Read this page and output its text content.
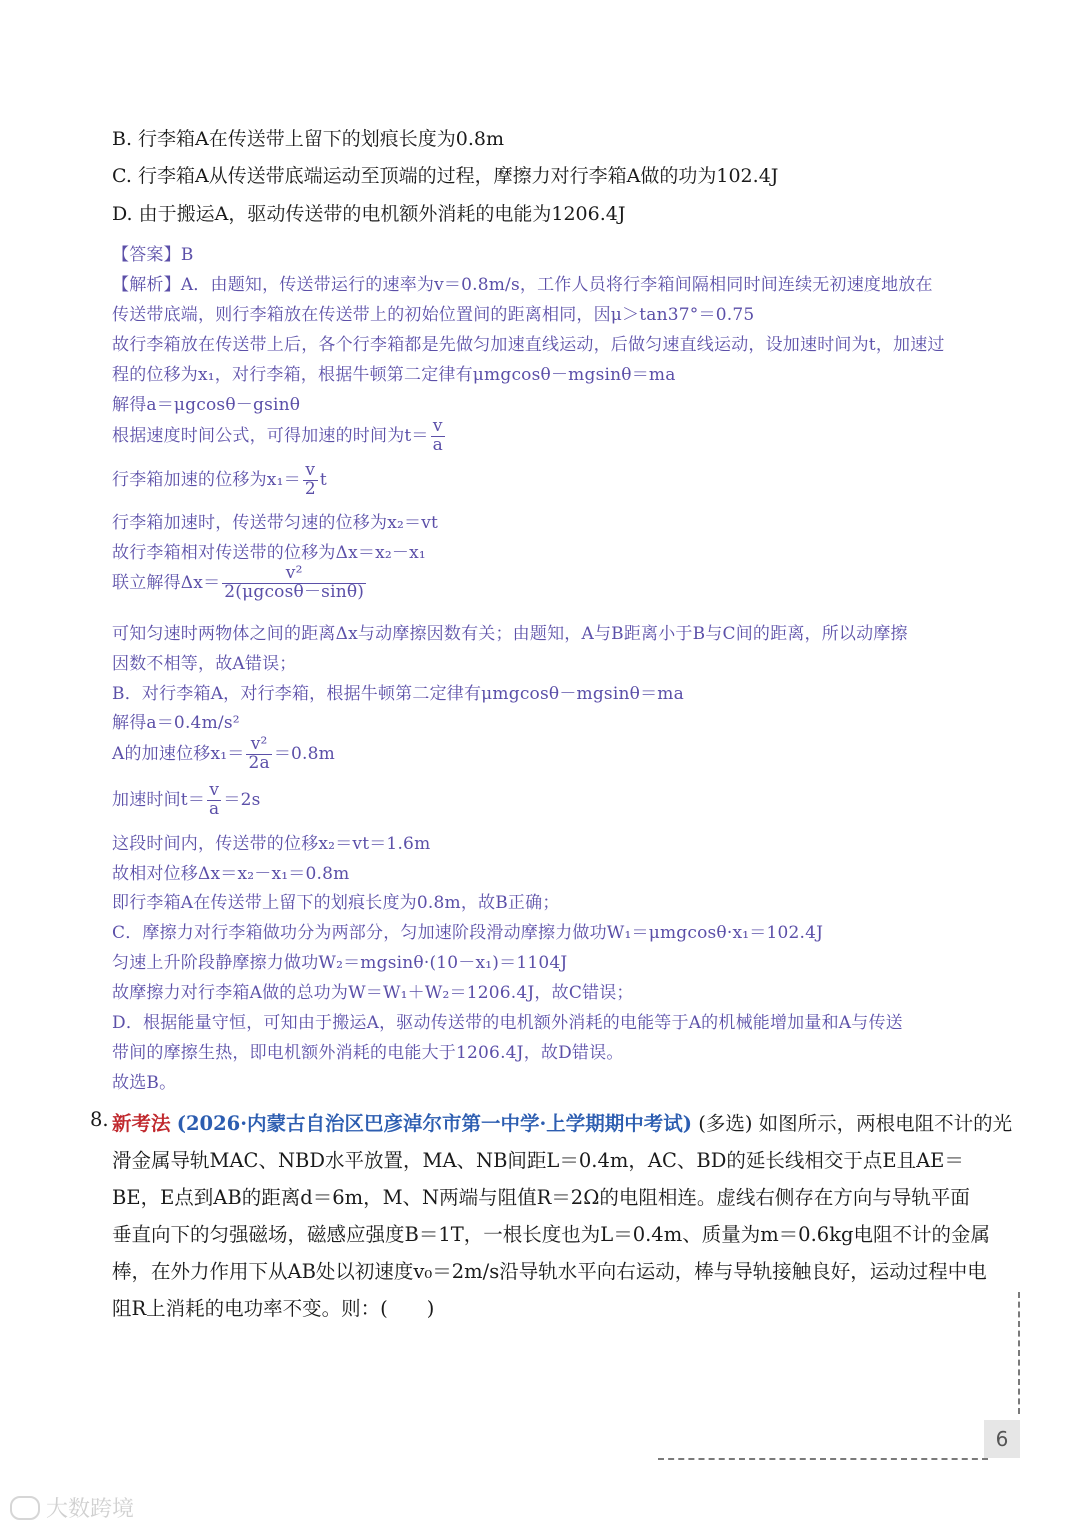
B. 行李箱A在传送带上留下的划痕长度为0.8m
C. 行李箱A从传送带底端运动至顶端的过程，摩擦力对行李箱A做的功为102.4J
D. 由于搬运A，驱动传送带的电机额外消耗的电能为1206.4J
【答案】B
【解析】A．由题知，传送带运行的速率为v＝0.8m/s，工作人员将行李箱间隔相同时间连续无初速度地放在
传送带底端，则行李箱放在传送带上的初始位置间的距离相同，因μ＞tan37°＝0.75
故行李箱放在传送带上后，各个行李箱都是先做匀加速直线运动，后做匀速直线运动，设加速时间为t，加速过
程的位移为x₁，对行李箱，根据牛顿第二定律有μmgcosθ－mgsinθ＝ma
解得a＝μgcosθ－gsinθ
根据速度时间公式，可得加速的时间为$t= \frac{v}{a}$
行李箱加速的位移为$x_1= \frac{v}{2}$ t
行李箱加速时，传送带匀速的位移为x₂＝vt
故行李箱相对传送带的位移为Δx＝x₂－x₁
联立解得$\Delta x= \frac{\text{v²}}{2(\mu gcos\theta-\sin\theta)}$
可知匀速时两物体之间的距离Δx与动摩擦因数有关；由题知，A与B距离小于B与C间的距离，所以动摩擦
因数不相等，故A错误；
B．对行李箱A，对行李箱，根据牛顿第二定律有μmgcosθ－mgsinθ＝ma
解得a＝0.4m/s²
A的加速位移$x_1= \frac{\text{v²}}{2a} =0.8m$
加速时间$t= \frac{v}{a} =2s$
这段时间内，传送带的位移x₂＝vt＝1.6m
故相对位移Δx＝x₂－x₁＝0.8m
即行李箱A在传送带上留下的划痕长度为0.8m，故B正确；
C．摩擦力对行李箱做功分为两部分，匀加速阶段滑动摩擦力做功W₁＝μmgcosθ·x₁＝102.4J
匀速上升阶段静摩擦力做功W₂＝mgsinθ·(10－x₁)＝1104J
故摩擦力对行李箱A做的总功为W＝W₁＋W₂＝1206.4J，故C错误；
D．根据能量守恒，可知由于搬运A，驱动传送带的电机额外消耗的电能等于A的机械能增加量和A与传送
带间的摩擦生热，即电机额外消耗的电能大于1206.4J，故D错误。
故选B。
8. 新考法 (2026·内蒙古自治区巴彦淖尔市第一中学·上学期期中考试) (多选) 如图所示，两根电阻不计的光
滑金属导轨MAC、NBD水平放置，MA、NB间距L＝0.4m，AC、BD的延长线相交于点E且AE＝
BE，E点到AB的距离d＝6m，M、N两端与阻值R＝2Ω的电阻相连。虚线右侧存在方向与导轨平面
垂直向下的匀强磁场，磁感应强度B＝1T，一根长度也为L＝0.4m、质量为m＝0.6kg电阻不计的金属
棒，在外力作用下从AB处以初速度v₀＝2m/s沿导轨水平向右运动，棒与导轨接触良好，运动过程中电
阻R上消耗的电功率不变。则：(　　)
6
大数跨境
